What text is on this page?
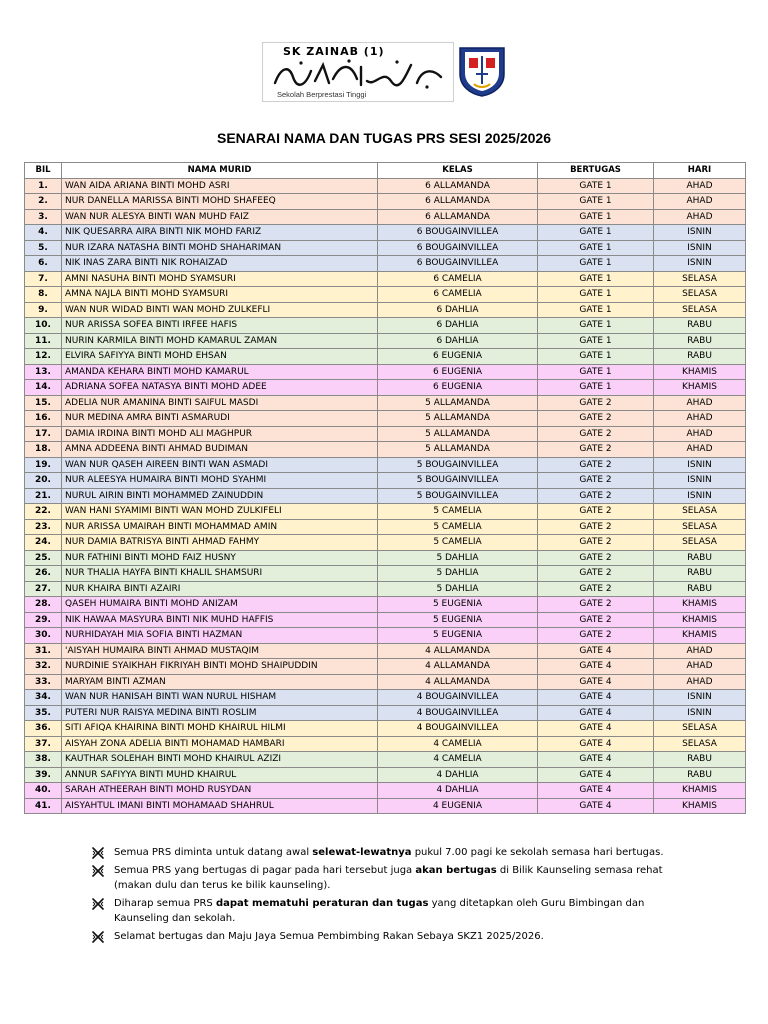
SK ZAINAB (1)
Sekolah Berprestasi Tinggi
SENARAI NAMA DAN TUGAS PRS SESI 2025/2026
BIL	NAMA MURID	KELAS	BERTUGAS	HARI
1.	WAN AIDA ARIANA BINTI MOHD ASRI	6 ALLAMANDA	GATE 1	AHAD
2.	NUR DANELLA MARISSA BINTI MOHD SHAFEEQ	6 ALLAMANDA	GATE 1	AHAD
3.	WAN NUR ALESYA BINTI WAN MUHD FAIZ	6 ALLAMANDA	GATE 1	AHAD
4.	NIK QUESARRA AIRA BINTI NIK MOHD FARIZ	6 BOUGAINVILLEA	GATE 1	ISNIN
5.	NUR IZARA NATASHA BINTI MOHD SHAHARIMAN	6 BOUGAINVILLEA	GATE 1	ISNIN
6.	NIK INAS ZARA BINTI NIK ROHAIZAD	6 BOUGAINVILLEA	GATE 1	ISNIN
7.	AMNI NASUHA BINTI MOHD SYAMSURI	6 CAMELIA	GATE 1	SELASA
8.	AMNA NAJLA BINTI MOHD SYAMSURI	6 CAMELIA	GATE 1	SELASA
9.	WAN NUR WIDAD BINTI WAN MOHD ZULKEFLI	6 DAHLIA	GATE 1	SELASA
10.	NUR ARISSA SOFEA BINTI IRFEE HAFIS	6 DAHLIA	GATE 1	RABU
11.	NURIN KARMILA BINTI MOHD KAMARUL ZAMAN	6 DAHLIA	GATE 1	RABU
12.	ELVIRA SAFIYYA BINTI MOHD EHSAN	6 EUGENIA	GATE 1	RABU
13.	AMANDA KEHARA BINTI MOHD KAMARUL	6 EUGENIA	GATE 1	KHAMIS
14.	ADRIANA SOFEA NATASYA BINTI MOHD ADEE	6 EUGENIA	GATE 1	KHAMIS
15.	ADELIA NUR AMANINA BINTI SAIFUL MASDI	5 ALLAMANDA	GATE 2	AHAD
16.	NUR MEDINA AMRA BINTI ASMARUDI	5 ALLAMANDA	GATE 2	AHAD
17.	DAMIA IRDINA BINTI MOHD ALI MAGHPUR	5 ALLAMANDA	GATE 2	AHAD
18.	AMNA ADDEENA BINTI AHMAD BUDIMAN	5 ALLAMANDA	GATE 2	AHAD
19.	WAN NUR QASEH AIREEN BINTI WAN ASMADI	5 BOUGAINVILLEA	GATE 2	ISNIN
20.	NUR ALEESYA HUMAIRA BINTI MOHD SYAHMI	5 BOUGAINVILLEA	GATE 2	ISNIN
21.	NURUL AIRIN BINTI MOHAMMED ZAINUDDIN	5 BOUGAINVILLEA	GATE 2	ISNIN
22.	WAN HANI SYAMIMI BINTI WAN MOHD ZULKIFELI	5 CAMELIA	GATE 2	SELASA
23.	NUR ARISSA UMAIRAH BINTI MOHAMMAD AMIN	5 CAMELIA	GATE 2	SELASA
24.	NUR DAMIA BATRISYA BINTI AHMAD FAHMY	5 CAMELIA	GATE 2	SELASA
25.	NUR FATHINI BINTI MOHD FAIZ HUSNY	5 DAHLIA	GATE 2	RABU
26.	NUR THALIA HAYFA BINTI KHALIL SHAMSURI	5 DAHLIA	GATE 2	RABU
27.	NUR KHAIRA BINTI AZAIRI	5 DAHLIA	GATE 2	RABU
28.	QASEH HUMAIRA BINTI MOHD ANIZAM	5 EUGENIA	GATE 2	KHAMIS
29.	NIK HAWAA MASYURA BINTI NIK MUHD HAFFIS	5 EUGENIA	GATE 2	KHAMIS
30.	NURHIDAYAH MIA SOFIA BINTI HAZMAN	5 EUGENIA	GATE 2	KHAMIS
31.	'AISYAH HUMAIRA BINTI AHMAD MUSTAQIM	4 ALLAMANDA	GATE 4	AHAD
32.	NURDINIE SYAIKHAH FIKRIYAH BINTI MOHD SHAIPUDDIN	4 ALLAMANDA	GATE 4	AHAD
33.	MARYAM BINTI AZMAN	4 ALLAMANDA	GATE 4	AHAD
34.	WAN NUR HANISAH BINTI WAN NURUL HISHAM	4 BOUGAINVILLEA	GATE 4	ISNIN
35.	PUTERI NUR RAISYA MEDINA BINTI ROSLIM	4 BOUGAINVILLEA	GATE 4	ISNIN
36.	SITI AFIQA KHAIRINA BINTI MOHD KHAIRUL HILMI	4 BOUGAINVILLEA	GATE 4	SELASA
37.	AISYAH ZONA ADELIA BINTI MOHAMAD HAMBARI	4 CAMELIA	GATE 4	SELASA
38.	KAUTHAR SOLEHAH BINTI MOHD KHAIRUL AZIZI	4 CAMELIA	GATE 4	RABU
39.	ANNUR SAFIYYA BINTI MUHD KHAIRUL	4 DAHLIA	GATE 4	RABU
40.	SARAH ATHEERAH BINTI MOHD RUSYDAN	4 DAHLIA	GATE 4	KHAMIS
41.	AISYAHTUL IMANI BINTI MOHAMAAD SHAHRUL	4 EUGENIA	GATE 4	KHAMIS
Semua PRS diminta untuk datang awal selewat-lewatnya pukul 7.00 pagi ke sekolah semasa hari bertugas.
Semua PRS yang bertugas di pagar pada hari tersebut juga akan bertugas di Bilik Kaunseling semasa rehat (makan dulu dan terus ke bilik kaunseling).
Diharap semua PRS dapat mematuhi peraturan dan tugas yang ditetapkan oleh Guru Bimbingan dan Kaunseling dan sekolah.
Selamat bertugas dan Maju Jaya Semua Pembimbing Rakan Sebaya SKZ1 2025/2026.
